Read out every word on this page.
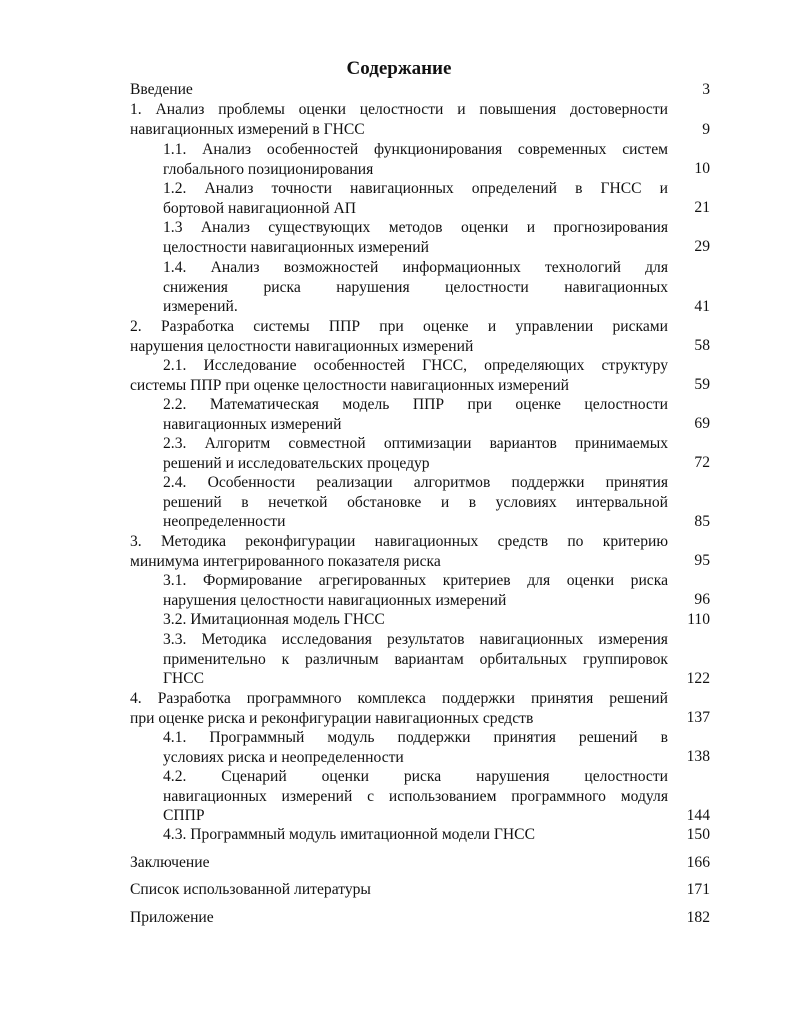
Содержание
Введение	3
1. Анализ проблемы оценки целостности и повышения достоверности
навигационных измерений в ГНСС	9
1.1. Анализ особенностей функционирования современных систем
глобального позиционирования	10
1.2. Анализ точности навигационных определений в ГНСС и
бортовой навигационной АП	21
1.3 Анализ существующих методов оценки и прогнозирования
целостности навигационных измерений	29
1.4. Анализ возможностей информационных технологий для
снижения риска нарушения целостности навигационных
измерений.	41
2. Разработка системы ППР при оценке и управлении рисками
нарушения целостности навигационных измерений	58
2.1. Исследование особенностей ГНСС, определяющих структуру
системы ППР при оценке целостности навигационных измерений	59
2.2. Математическая модель ППР при оценке целостности
навигационных измерений	69
2.3. Алгоритм совместной оптимизации вариантов принимаемых
решений и исследовательских процедур	72
2.4. Особенности реализации алгоритмов поддержки принятия
решений в нечеткой обстановке и в условиях интервальной
неопределенности	85
3. Методика реконфигурации навигационных средств по критерию
минимума интегрированного показателя риска	95
3.1. Формирование агрегированных критериев для оценки риска
нарушения целостности навигационных измерений	96
3.2. Имитационная модель ГНСС	110
3.3. Методика исследования результатов навигационных измерения
применительно к различным вариантам орбитальных группировок
ГНСС	122
4. Разработка программного комплекса поддержки принятия решений
при оценке риска и реконфигурации навигационных средств	137
4.1. Программный модуль поддержки принятия решений в
условиях риска и неопределенности	138
4.2. Сценарий оценки риска нарушения целостности
навигационных измерений с использованием программного модуля
СППР	144
4.3. Программный модуль имитационной модели ГНСС	150
Заключение	166
Список использованной литературы	171
Приложение	182
